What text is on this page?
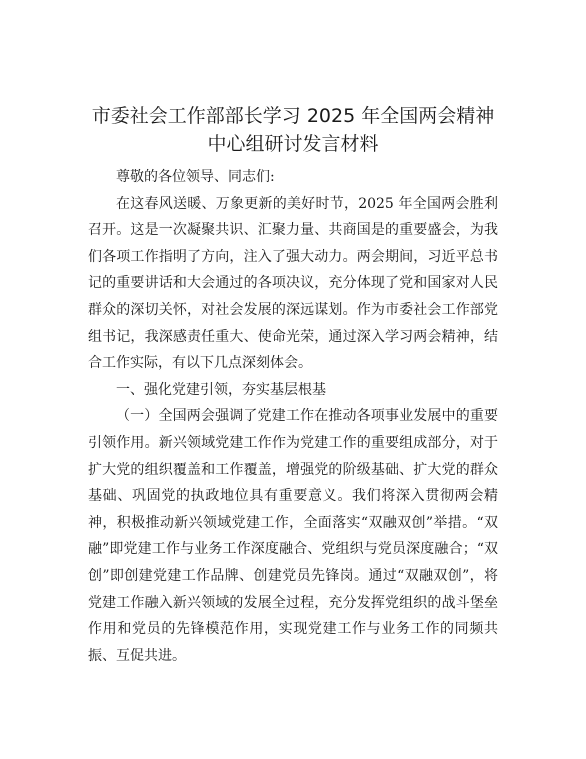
市委社会工作部部长学习 2025 年全国两会精神
中心组研讨发言材料

尊敬的各位领导、同志们:

在这春风送暖、万象更新的美好时节，2025 年全国两会胜利召开。这是一次凝聚共识、汇聚力量、共商国是的重要盛会，为我们各项工作指明了方向，注入了强大动力。两会期间，习近平总书记的重要讲话和大会通过的各项决议，充分体现了党和国家对人民群众的深切关怀，对社会发展的深远谋划。作为市委社会工作部党组书记，我深感责任重大、使命光荣，通过深入学习两会精神，结合工作实际，有以下几点深刻体会。

一、强化党建引领，夯实基层根基

（一）全国两会强调了党建工作在推动各项事业发展中的重要引领作用。新兴领域党建工作作为党建工作的重要组成部分，对于扩大党的组织覆盖和工作覆盖，增强党的阶级基础、扩大党的群众基础、巩固党的执政地位具有重要意义。我们将深入贯彻两会精神，积极推动新兴领域党建工作，全面落实“双融双创”举措。“双融”即党建工作与业务工作深度融合、党组织与党员深度融合；“双创”即创建党建工作品牌、创建党员先锋岗。通过“双融双创”，将党建工作融入新兴领域的发展全过程，充分发挥党组织的战斗堡垒作用和党员的先锋模范作用，实现党建工作与业务工作的同频共振、互促共进。
